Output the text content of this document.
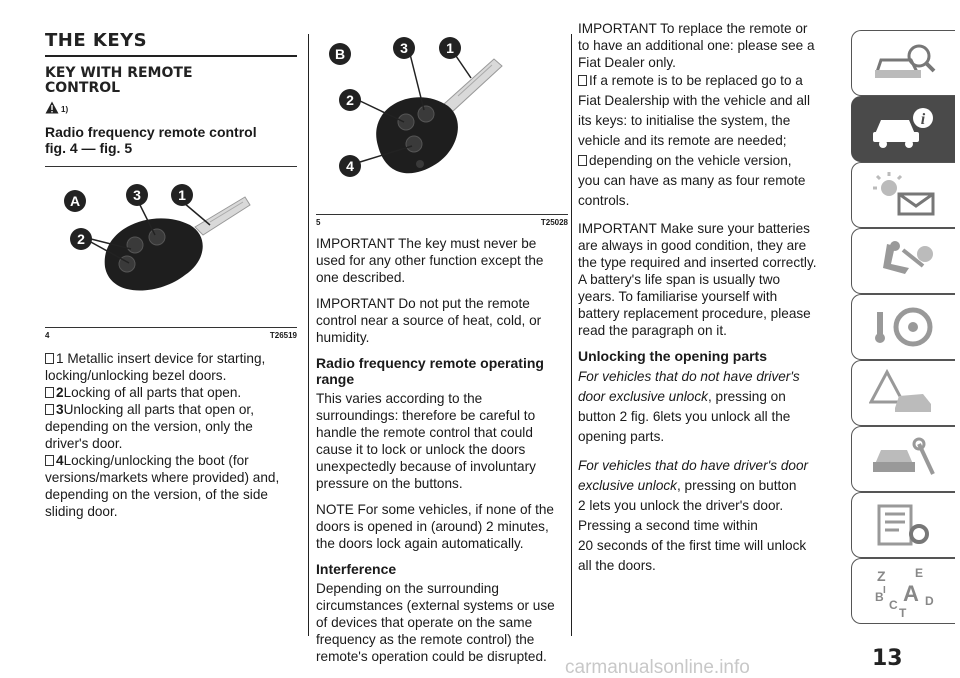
THE KEYS
KEY WITH REMOTE
CONTROL
1)
Radio frequency remote control
fig. 4 — fig. 5
A	3	1
2
4	T26519
1 Metallic insert device for starting,
locking/unlocking bezel doors.
2Locking of all parts that open.
3Unlocking all parts that open or,
depending on the version, only the
driver's door.
4Locking/unlocking the boot (for
versions/markets where provided) and,
depending on the version, of the side
sliding door.
B	3	1
2
4
5	T25028
IMPORTANT The key must never be
used for any other function except the
one described.
IMPORTANT Do not put the remote
control near a source of heat, cold, or
humidity.
Radio frequency remote operating
range
This varies according to the
surroundings: therefore be careful to
handle the remote control that could
cause it to lock or unlock the doors
unexpectedly because of involuntary
pressure on the buttons.
NOTE For some vehicles, if none of the
doors is opened in (around) 2 minutes,
the doors lock again automatically.
Interference
Depending on the surrounding
circumstances (external systems or use
of devices that operate on the same
frequency as the remote control) the
remote's operation could be disrupted.
IMPORTANT To replace the remote or
to have an additional one: please see a
Fiat Dealer only.
If a remote is to be replaced go to a
Fiat Dealership with the vehicle and all
its keys: to initialise the system, the
vehicle and its remote are needed;
depending on the vehicle version,
you can have as many as four remote
controls.
IMPORTANT Make sure your batteries
are always in good condition, they are
the type required and inserted correctly.
A battery's life span is usually two
years. To familiarise yourself with
battery replacement procedure, please
read the paragraph on it.
Unlocking the opening parts
For vehicles that do not have driver's
door exclusive unlock, pressing on
button 2 fig. 6lets you unlock all the
opening parts.
For vehicles that do have driver's door
exclusive unlock, pressing on button
2 lets you unlock the driver's door.
Pressing a second time within
20 seconds of the first time will unlock
all the doors.
i
Z E
B A
C D
T
I
13
carmanualsonline.info
